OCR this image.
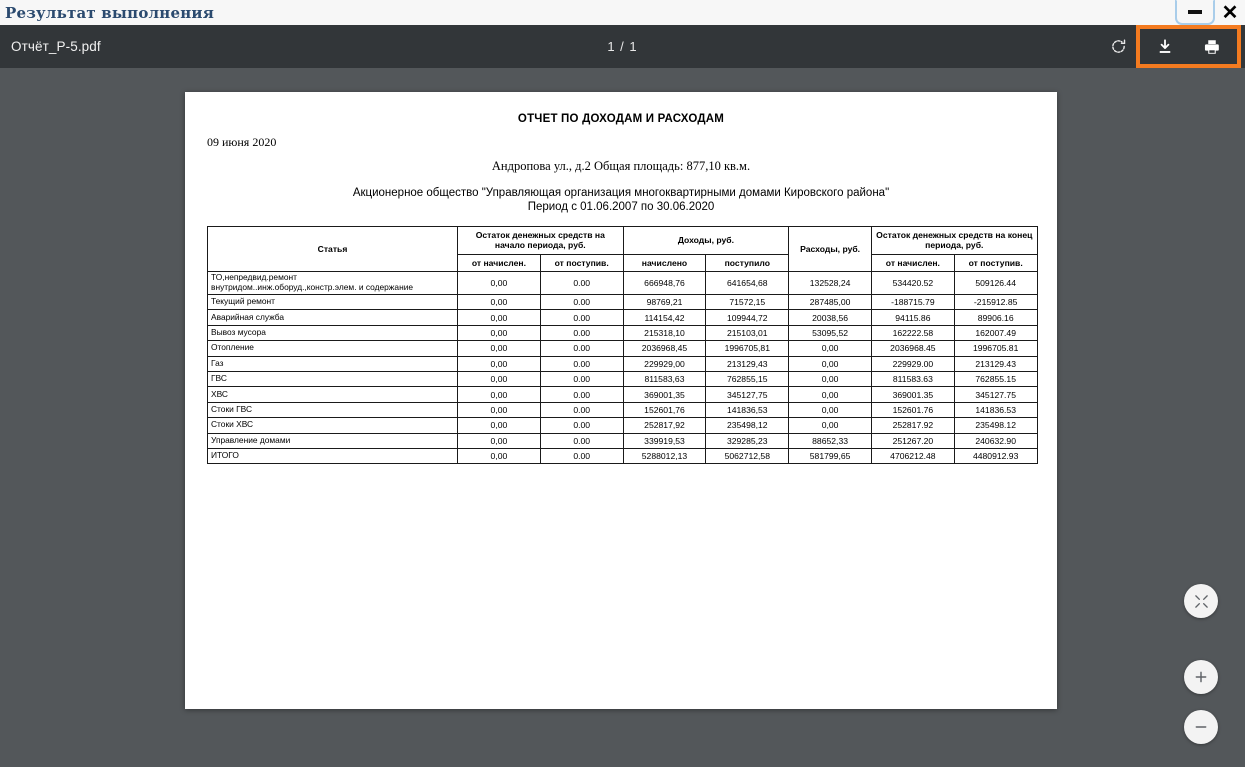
Результат выполнения	✕
Отчёт_P-5.pdf	1 / 1
ОТЧЕТ ПО ДОХОДАМ И РАСХОДАМ
09 июня 2020
Андропова ул., д.2 Общая площадь: 877,10 кв.м.
Акционерное общество "Управляющая организация многоквартирными домами Кировского района"
Период с 01.06.2007 по 30.06.2020
Статья	Остаток денежных средств на начало периода, руб.		Доходы, руб.		Расходы, руб.	Остаток денежных средств на конец периода, руб.	
	от начислен.	от поступив.	начислено	поступило		от начислен.	от поступив.

ТО,непредвид.ремонт
внутридом..инж.оборуд.,констр.элем. и содержание	0,00	0.00	666948,76	641654,68	132528,24	534420.52	509126.44

Текущий ремонт	0,00	0.00	98769,21	71572,15	287485,00	-188715.79	-215912.85

Аварийная служба	0,00	0.00	114154,42	109944,72	20038,56	94115.86	89906.16

Вывоз мусора	0,00	0.00	215318,10	215103,01	53095,52	162222.58	162007.49

Отопление	0,00	0.00	2036968,45	1996705,81	0,00	2036968.45	1996705.81

Газ	0,00	0.00	229929,00	213129,43	0,00	229929.00	213129.43

ГВС	0,00	0.00	811583,63	762855,15	0,00	811583.63	762855.15

ХВС	0,00	0.00	369001,35	345127,75	0,00	369001.35	345127.75

Стоки ГВС	0,00	0.00	152601,76	141836,53	0,00	152601.76	141836.53

Стоки ХВС	0,00	0.00	252817,92	235498,12	0,00	252817.92	235498.12

Управление домами	0,00	0.00	339919,53	329285,23	88652,33	251267.20	240632.90

ИТОГО	0,00	0.00	5288012,13	5062712,58	581799,65	4706212.48	4480912.93
